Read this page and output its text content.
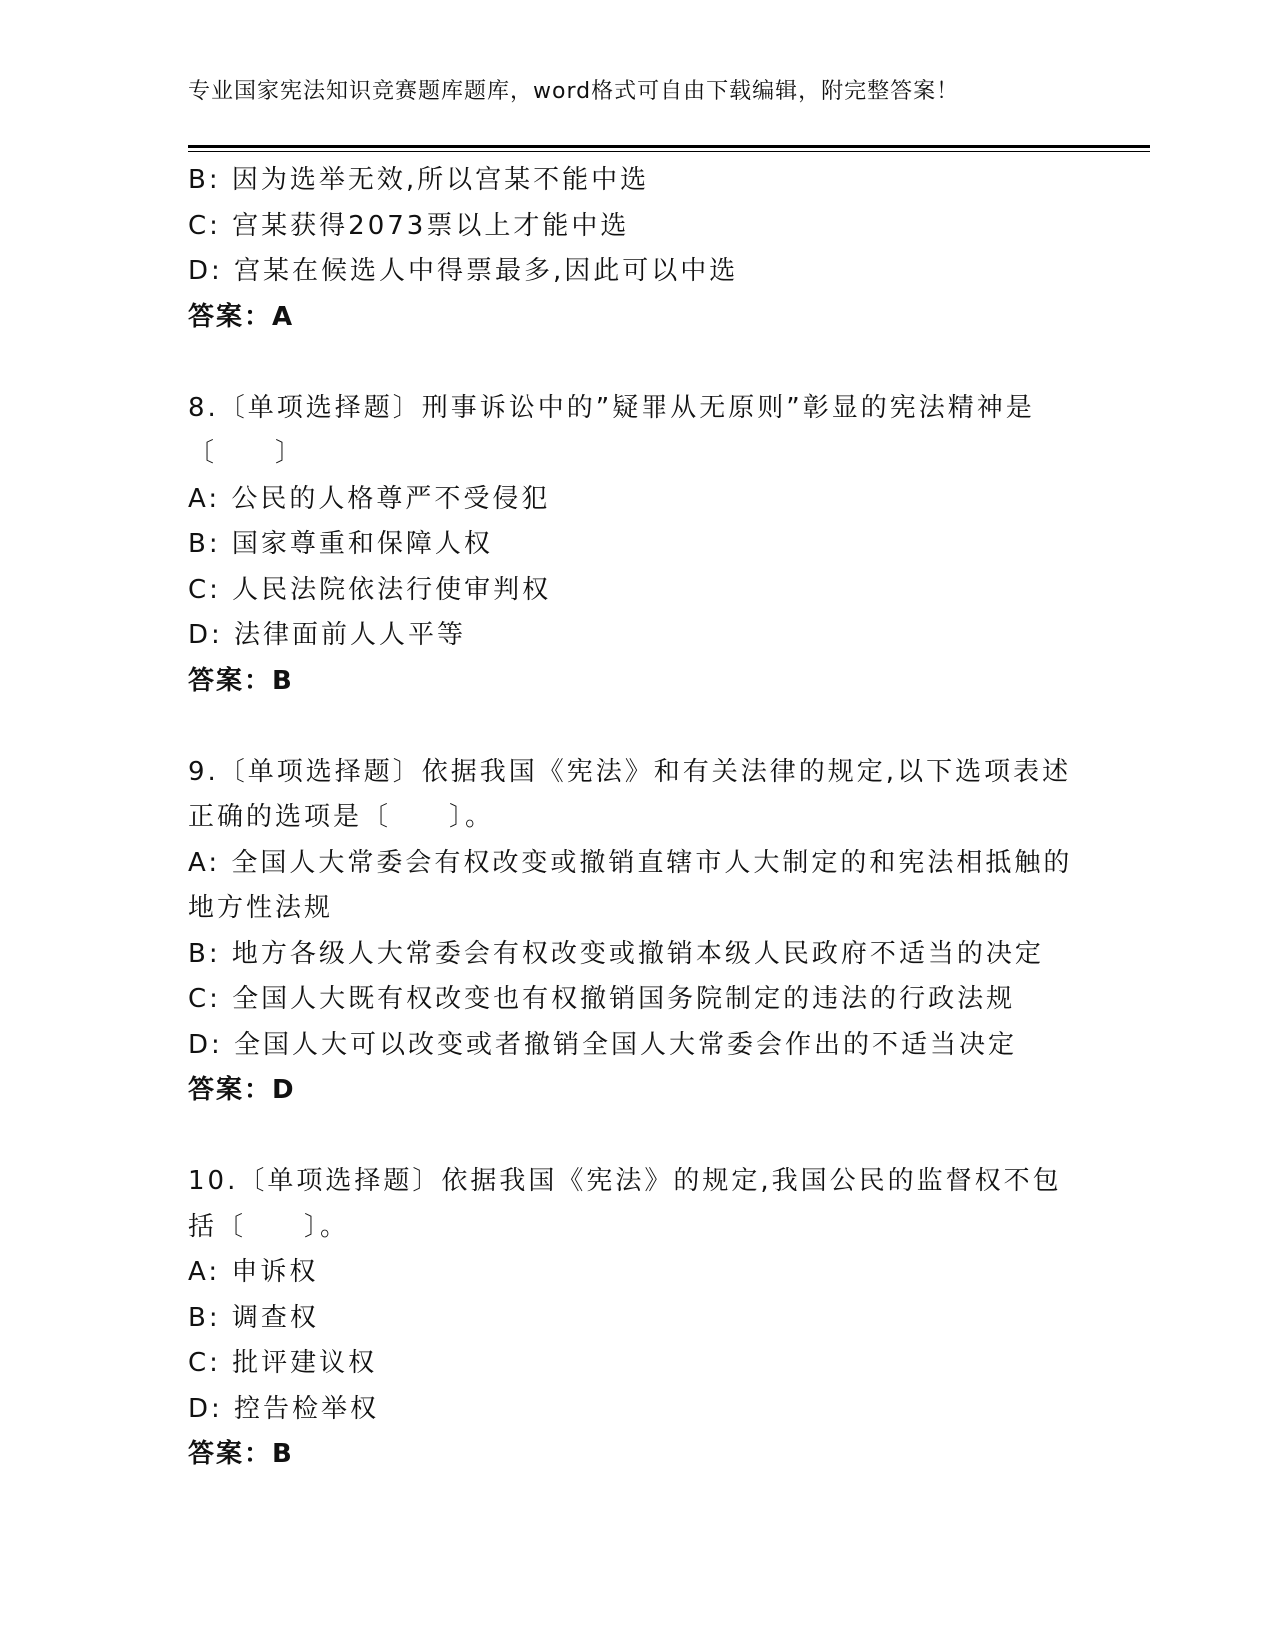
专业国家宪法知识竞赛题库题库，word格式可自由下载编辑，附完整答案！
B: 因为选举无效,所以宫某不能中选
C: 宫某获得2073票以上才能中选
D: 宫某在候选人中得票最多,因此可以中选
答案：A
8.〔单项选择题〕刑事诉讼中的”疑罪从无原则”彰显的宪法精神是
〔　　〕
A: 公民的人格尊严不受侵犯
B: 国家尊重和保障人权
C: 人民法院依法行使审判权
D: 法律面前人人平等
答案：B
9.〔单项选择题〕依据我国《宪法》和有关法律的规定,以下选项表述
正确的选项是〔　　〕。
A: 全国人大常委会有权改变或撤销直辖市人大制定的和宪法相抵触的
地方性法规
B: 地方各级人大常委会有权改变或撤销本级人民政府不适当的决定
C: 全国人大既有权改变也有权撤销国务院制定的违法的行政法规
D: 全国人大可以改变或者撤销全国人大常委会作出的不适当决定
答案：D
10.〔单项选择题〕依据我国《宪法》的规定,我国公民的监督权不包
括〔　　〕。
A: 申诉权
B: 调查权
C: 批评建议权
D: 控告检举权
答案：B
